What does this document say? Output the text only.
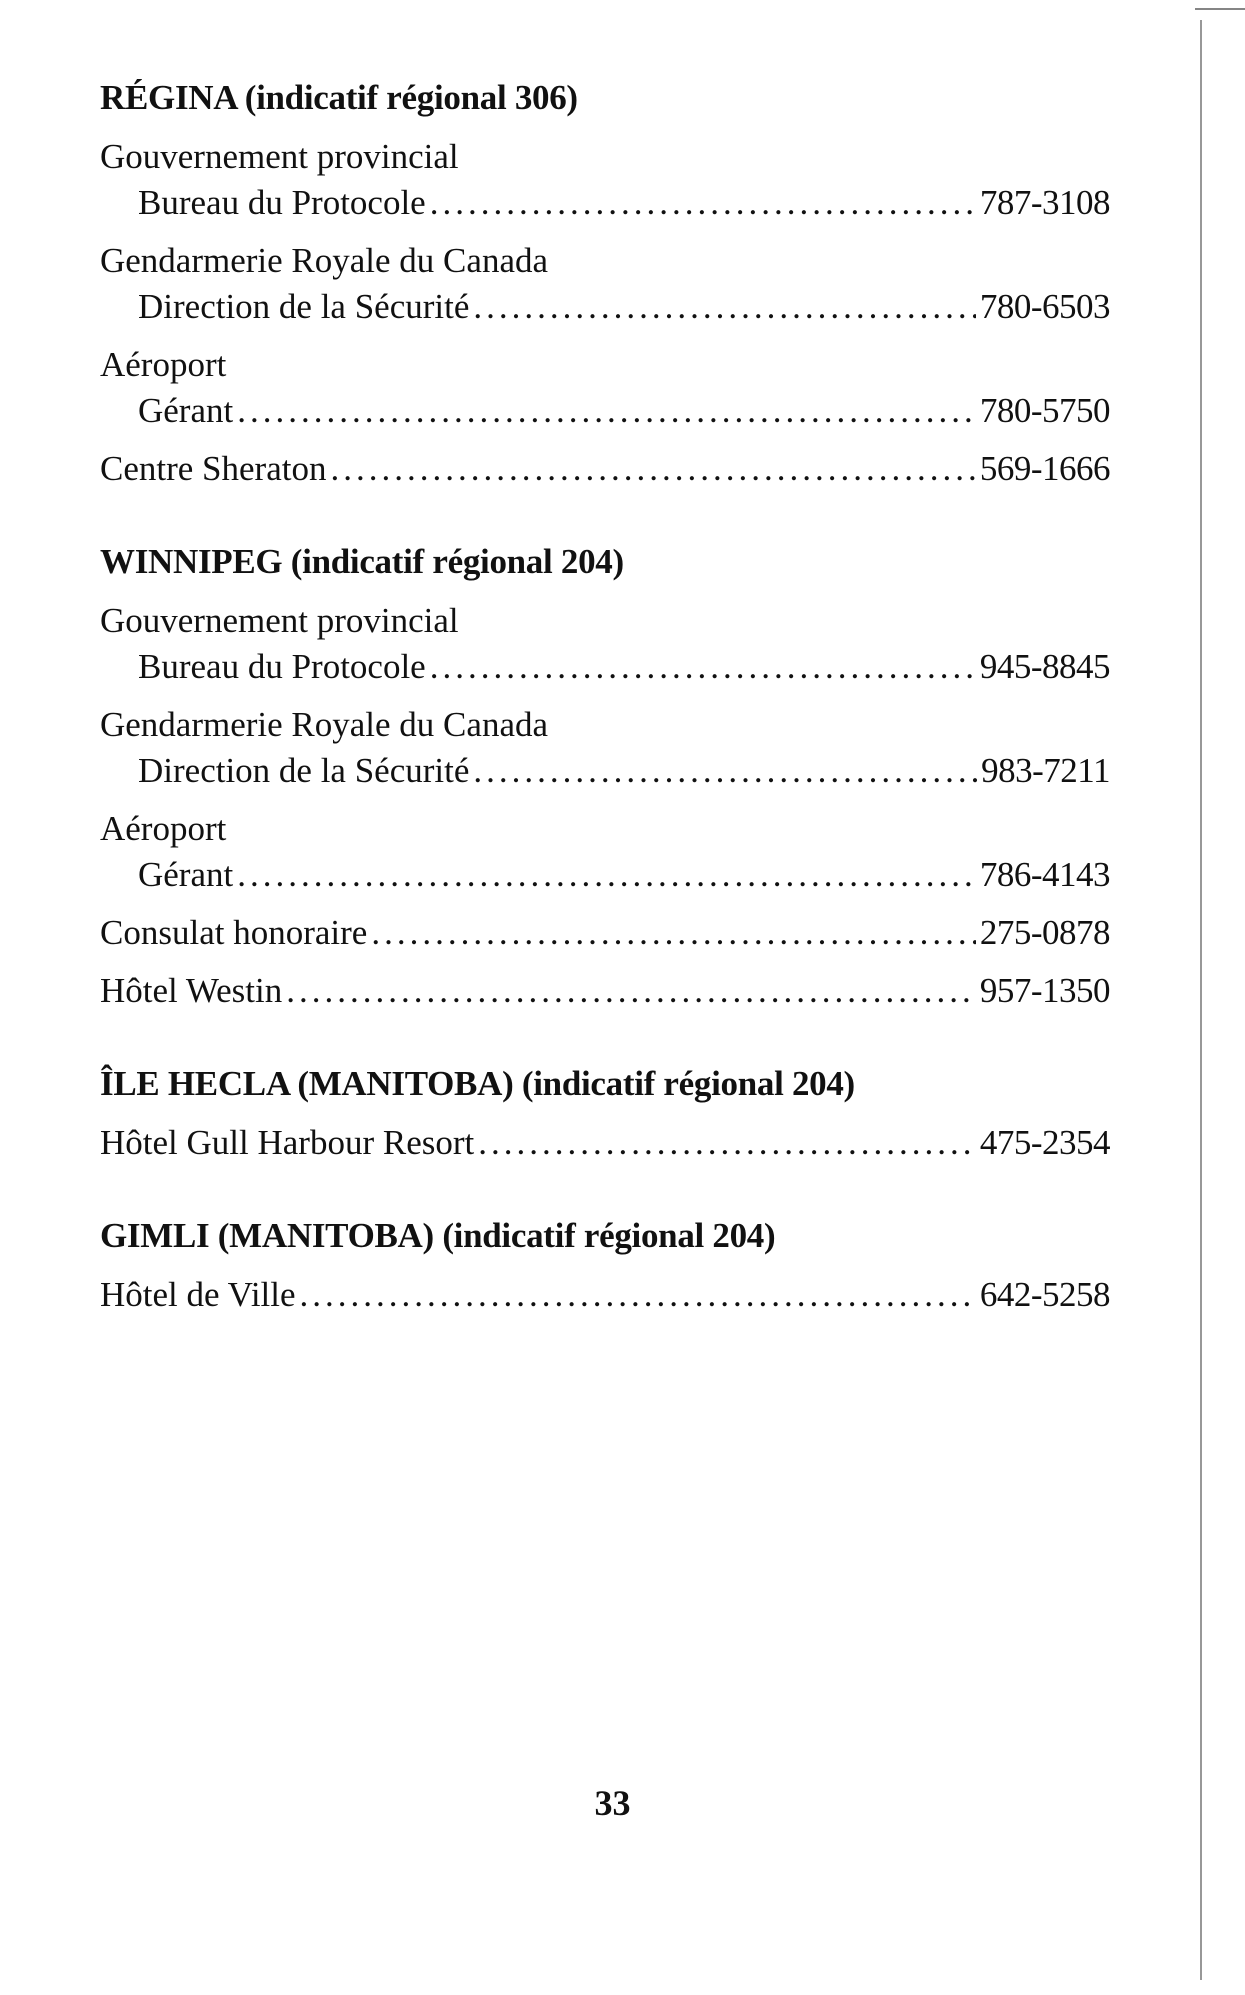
RÉGINA (indicatif régional 306)
Gouvernement provincial
Bureau du Protocole .....	787-3108
Gendarmerie Royale du Canada
Direction de la Sécurité .....	780-6503
Aéroport
Gérant .....	780-5750
Centre Sheraton .....	569-1666
WINNIPEG (indicatif régional 204)
Gouvernement provincial
Bureau du Protocole .....	945-8845
Gendarmerie Royale du Canada
Direction de la Sécurité .....	983-7211
Aéroport
Gérant .....	786-4143
Consulat honoraire .....	275-0878
Hôtel Westin .....	957-1350
ÎLE HECLA (MANITOBA) (indicatif régional 204)
Hôtel Gull Harbour Resort .....	475-2354
GIMLI (MANITOBA) (indicatif régional 204)
Hôtel de Ville .....	642-5258
33
